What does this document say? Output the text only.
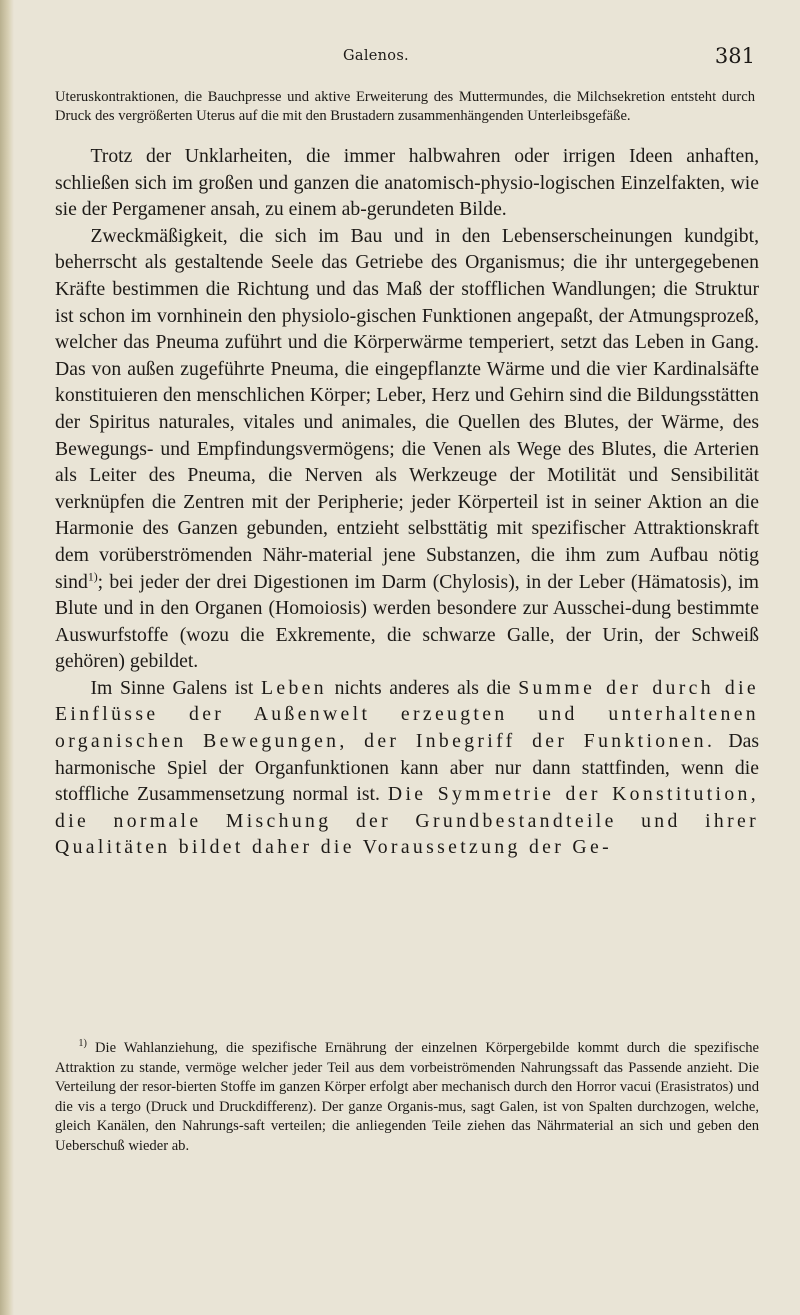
Galenos.	381

Uteruskontraktionen, die Bauchpresse und aktive Erweiterung des Muttermundes, die Milchsekretion entsteht durch Druck des vergrößerten Uterus auf die mit den Brustadern zusammenhängenden Unterleibsgefäße.

Trotz der Unklarheiten, die immer halbwahren oder irrigen Ideen anhaften, schließen sich im großen und ganzen die anatomisch-physio-logischen Einzelfakten, wie sie der Pergamener ansah, zu einem ab-gerundeten Bilde.

Zweckmäßigkeit, die sich im Bau und in den Lebenserscheinungen kundgibt, beherrscht als gestaltende Seele das Getriebe des Organismus; die ihr untergegebenen Kräfte bestimmen die Richtung und das Maß der stofflichen Wandlungen; die Struktur ist schon im vornhinein den physiolo-gischen Funktionen angepaßt, der Atmungsprozeß, welcher das Pneuma zuführt und die Körperwärme temperiert, setzt das Leben in Gang. Das von außen zugeführte Pneuma, die eingepflanzte Wärme und die vier Kardinalsäfte konstituieren den menschlichen Körper; Leber, Herz und Gehirn sind die Bildungsstätten der Spiritus naturales, vitales und animales, die Quellen des Blutes, der Wärme, des Bewegungs- und Empfindungsvermögens; die Venen als Wege des Blutes, die Arterien als Leiter des Pneuma, die Nerven als Werkzeuge der Motilität und Sensibilität verknüpfen die Zentren mit der Peripherie; jeder Körperteil ist in seiner Aktion an die Harmonie des Ganzen gebunden, entzieht selbsttätig mit spezifischer Attraktionskraft dem vorüberströmenden Nähr-material jene Substanzen, die ihm zum Aufbau nötig sind$^{1)}$; bei jeder der drei Digestionen im Darm (Chylosis), in der Leber (Hämatosis), im Blute und in den Organen (Homoiosis) werden besondere zur Ausschei-dung bestimmte Auswurfstoffe (wozu die Exkremente, die schwarze Galle, der Urin, der Schweiß gehören) gebildet.

Im Sinne Galens ist Leben nichts anderes als die Summe der durch die Einflüsse der Außenwelt erzeugten und unterhaltenen organischen Bewegungen, der Inbegriff der Funktionen. Das harmonische Spiel der Organfunktionen kann aber nur dann stattfinden, wenn die stoffliche Zusammensetzung normal ist. Die Symmetrie der Konstitution, die normale Mischung der Grundbestandteile und ihrer Qualitäten bildet daher die Voraussetzung der Ge-

$^{1)}$ Die Wahlanziehung, die spezifische Ernährung der einzelnen Körpergebilde kommt durch die spezifische Attraktion zu stande, vermöge welcher jeder Teil aus dem vorbeiströmenden Nahrungssaft das Passende anzieht. Die Verteilung der resor-bierten Stoffe im ganzen Körper erfolgt aber mechanisch durch den Horror vacui (Erasistratos) und die vis a tergo (Druck und Druckdifferenz). Der ganze Organis-mus, sagt Galen, ist von Spalten durchzogen, welche, gleich Kanälen, den Nahrungs-saft verteilen; die anliegenden Teile ziehen das Nährmaterial an sich und geben den Ueberschuß wieder ab.
